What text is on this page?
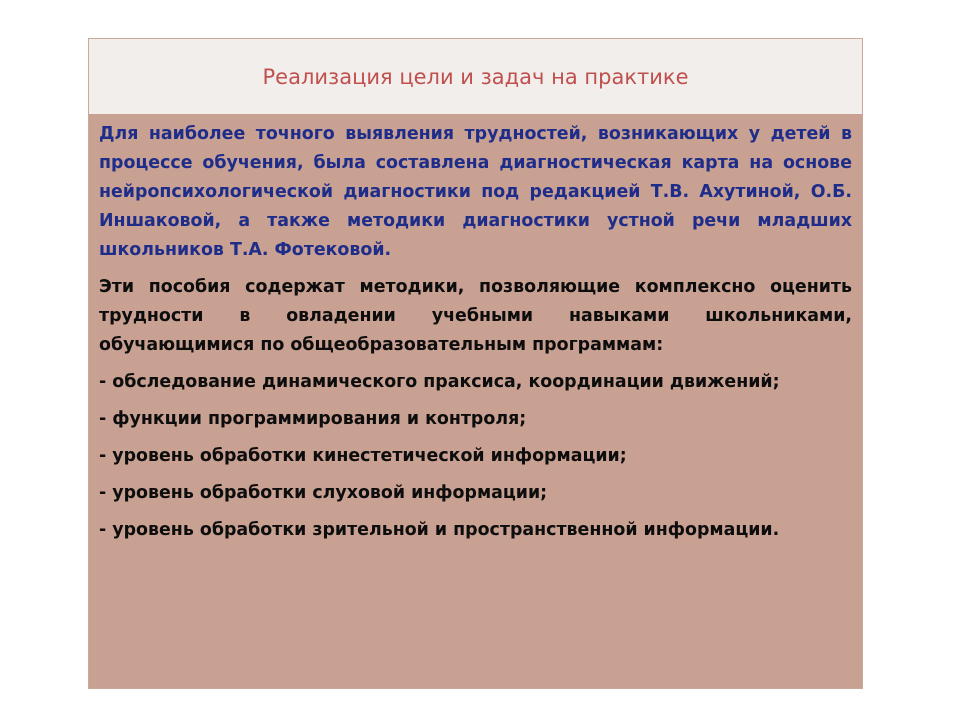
Реализация цели и задач на практике

Для наиболее точного выявления трудностей, возникающих у детей в процессе обучения, была составлена диагностическая карта на основе нейропсихологической диагностики под редакцией Т.В. Ахутиной, О.Б. Иншаковой, а также методики диагностики устной речи младших школьников Т.А. Фотековой.

Эти пособия содержат методики, позволяющие комплексно оценить трудности в овладении учебными навыками школьниками, обучающимися по общеобразовательным программам:

- обследование динамического праксиса, координации движений;

- функции программирования и контроля;

- уровень обработки кинестетической информации;

- уровень обработки слуховой информации;

- уровень обработки зрительной и пространственной информации.
